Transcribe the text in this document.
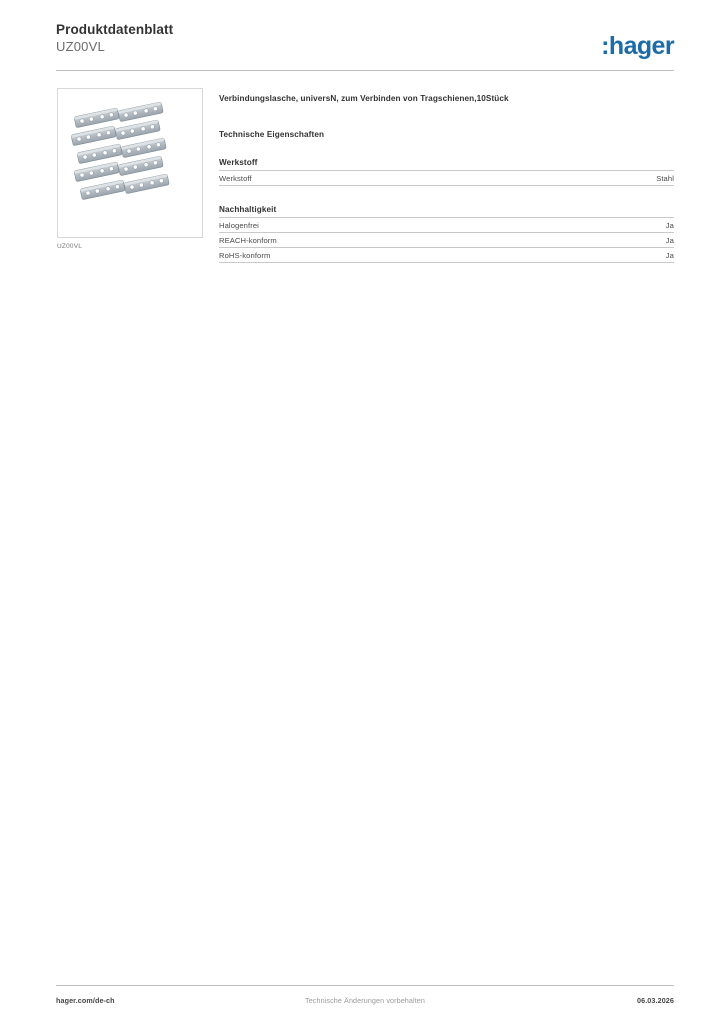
Produktdatenblatt
UZ00VL	:hager
UZ00VL
Verbindungslasche, universN, zum Verbinden von Tragschienen,10Stück
Technische Eigenschaften
Werkstoff
Werkstoff	Stahl
Nachhaltigkeit
Halogenfrei	Ja
REACH-konform	Ja
RoHS-konform	Ja
hager.com/de-ch	Technische Änderungen vorbehalten	06.03.2026
